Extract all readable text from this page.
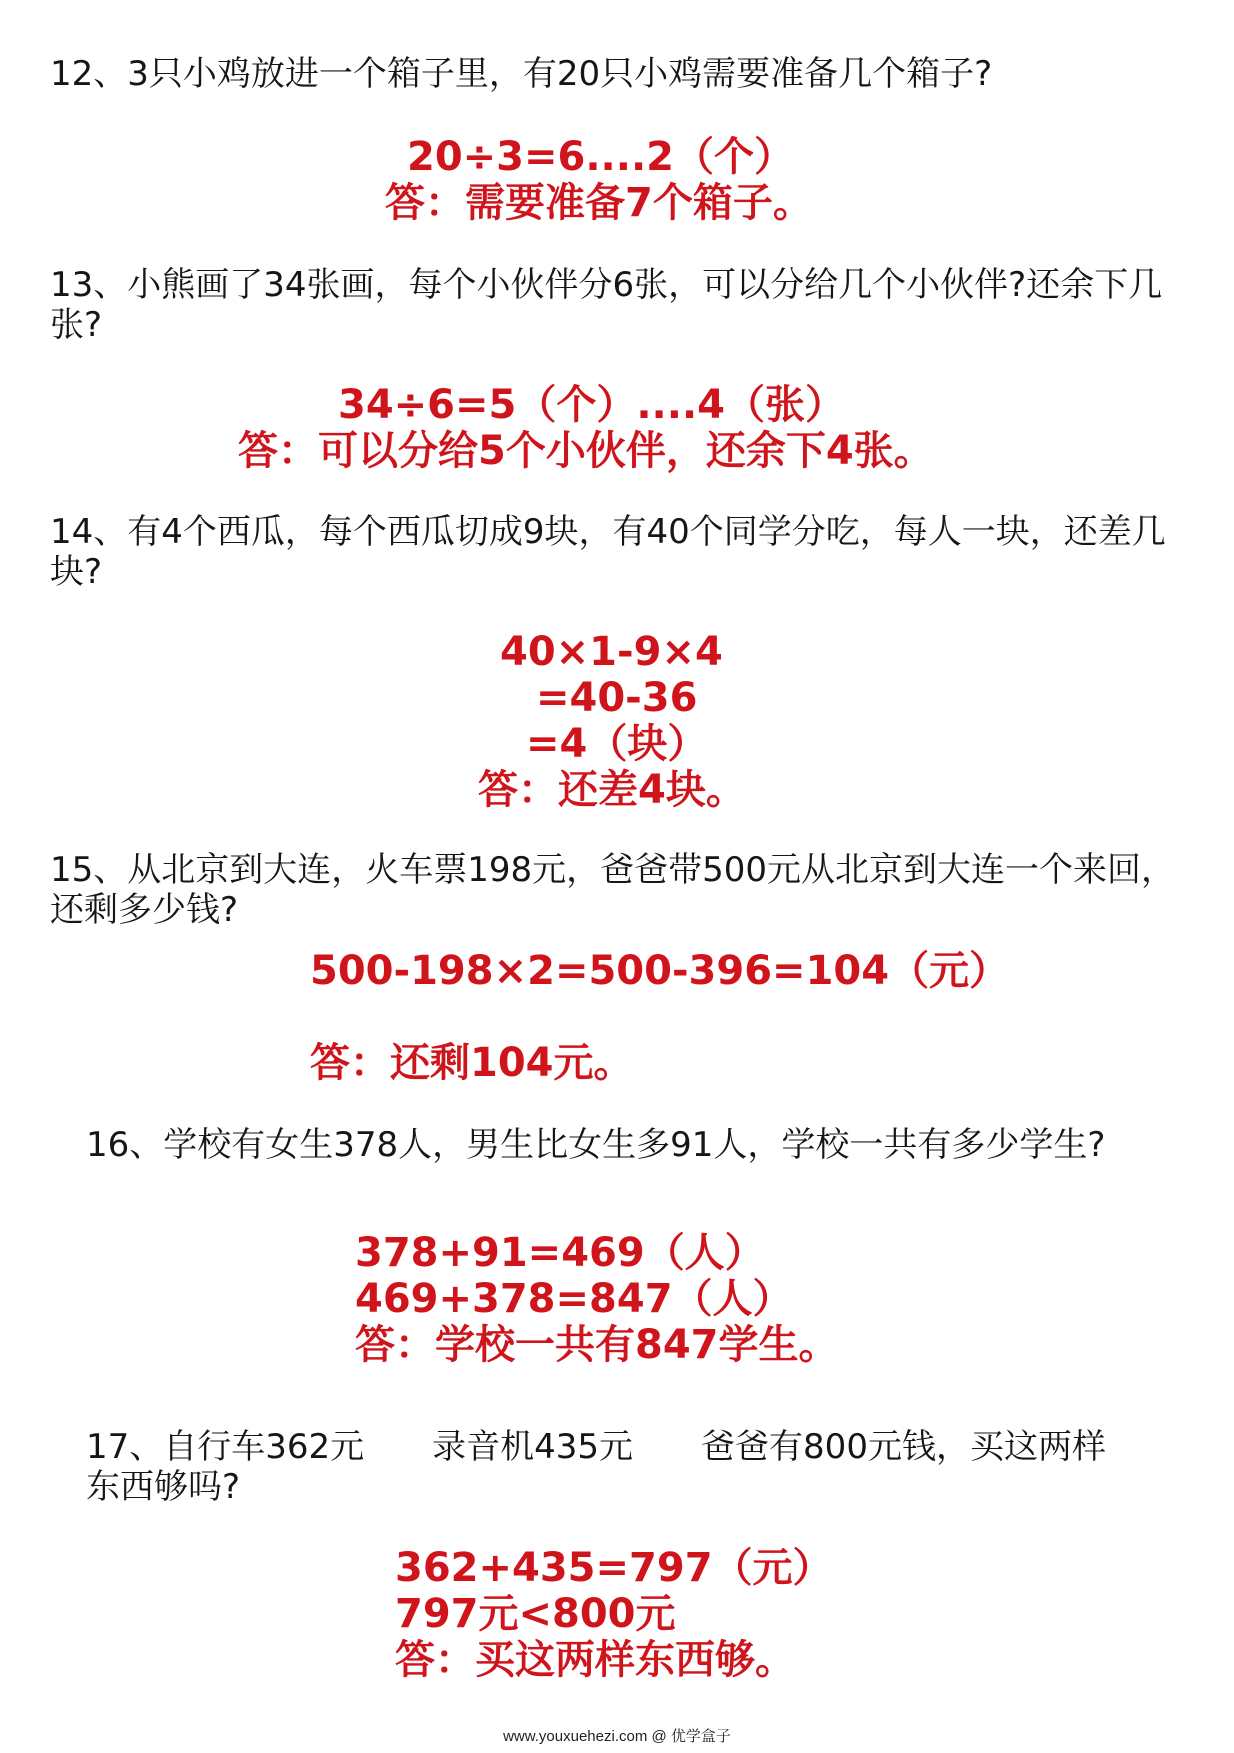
12、3只小鸡放进一个箱子里，有20只小鸡需要准备几个箱子?

20÷3=6....2（个）
答：需要准备7个箱子。

13、小熊画了34张画，每个小伙伴分6张，可以分给几个小伙伴?还余下几张?

34÷6=5（个）....4（张）
答：可以分给5个小伙伴，还余下4张。

14、有4个西瓜，每个西瓜切成9块，有40个同学分吃，每人一块，还差几块?

40×1-9×4
=40-36
=4（块）
答：还差4块。

15、从北京到大连，火车票198元，爸爸带500元从北京到大连一个来回，还剩多少钱?

500-198×2=500-396=104（元）
答：还剩104元。

16、学校有女生378人，男生比女生多91人，学校一共有多少学生?

378+91=469（人）
469+378=847（人）
答：学校一共有847学生。

17、自行车362元　　录音机435元　　爸爸有800元钱，买这两样东西够吗?

362+435=797（元）
797元<800元
答：买这两样东西够。
www.youxuehezi.com @ 优学盒子
